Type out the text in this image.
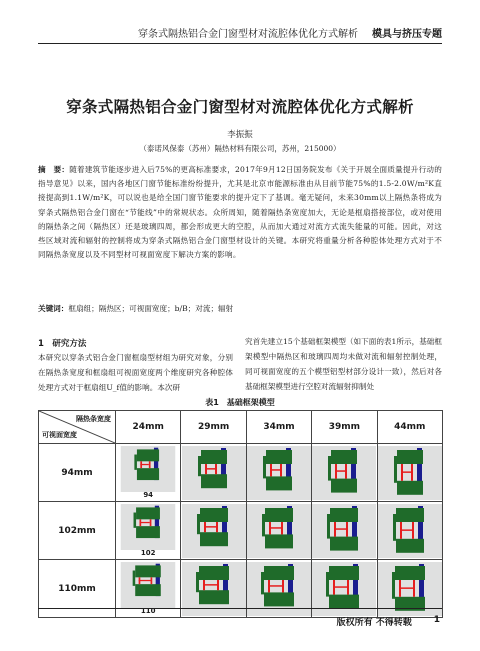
穿条式隔热铝合金门窗型材对流腔体优化方式解析 模具与挤压专题
穿条式隔热铝合金门窗型材对流腔体优化方式解析
李振振
（泰诺风保泰（苏州）隔热材料有限公司，苏州，215000）
摘　要：随着建筑节能逐步进入后75%的更高标准要求，2017年9月12日国务院发布《关于开展全面质量提升行动的指导意见》以来，国内各地区门窗节能标准纷纷提升，尤其是北京市能源标准由从目前节能75%的1.5-2.0W/m²K直接提高到1.1W/m²K，可以说也是给全国门窗节能要求的提升定下了基调。毫无疑问，未来30mm以上隔热条将成为穿条式隔热铝合金门窗在“节能线”中的常规状态。众所周知，随着隔热条宽度加大，无论是框扇搭接部位，或对使用的隔热条之间（隔热区）还是玻璃四周，都会形成更大的空腔，从而加大通过对流方式流失能量的可能。因此，对这些区域对流和辐射的控制将成为穿条式隔热铝合金门窗型材设计的关键。本研究将重量分析各种腔体处理方式对于不同隔热条宽度以及不同型材可视面宽度下解决方案的影响。
关键词：框扇组；隔热区；可视面宽度；b/B；对流；辐射
1　研究方法
本研究以穿条式铝合金门窗框扇型材组为研究对象，分别在隔热条宽度和框扇组可视面宽度两个维度研究各种腔体处理方式对于框扇组U_f值的影响。本次研
究首先建立15个基础框架模型（如下面的表1所示，基础框架模型中隔热区和玻璃四周均未做对流和辐射控制处理，同可视面宽度的五个模型铝型材部分设计一致），然后对各基础框架模型进行空腔对流辐射抑制处
表1　基础框架模型
隔热条宽度
可视面宽度	24mm	29mm	34mm	39mm	44mm
94mm	94

102mm	102

110mm	110

版权所有 不得转载 1
